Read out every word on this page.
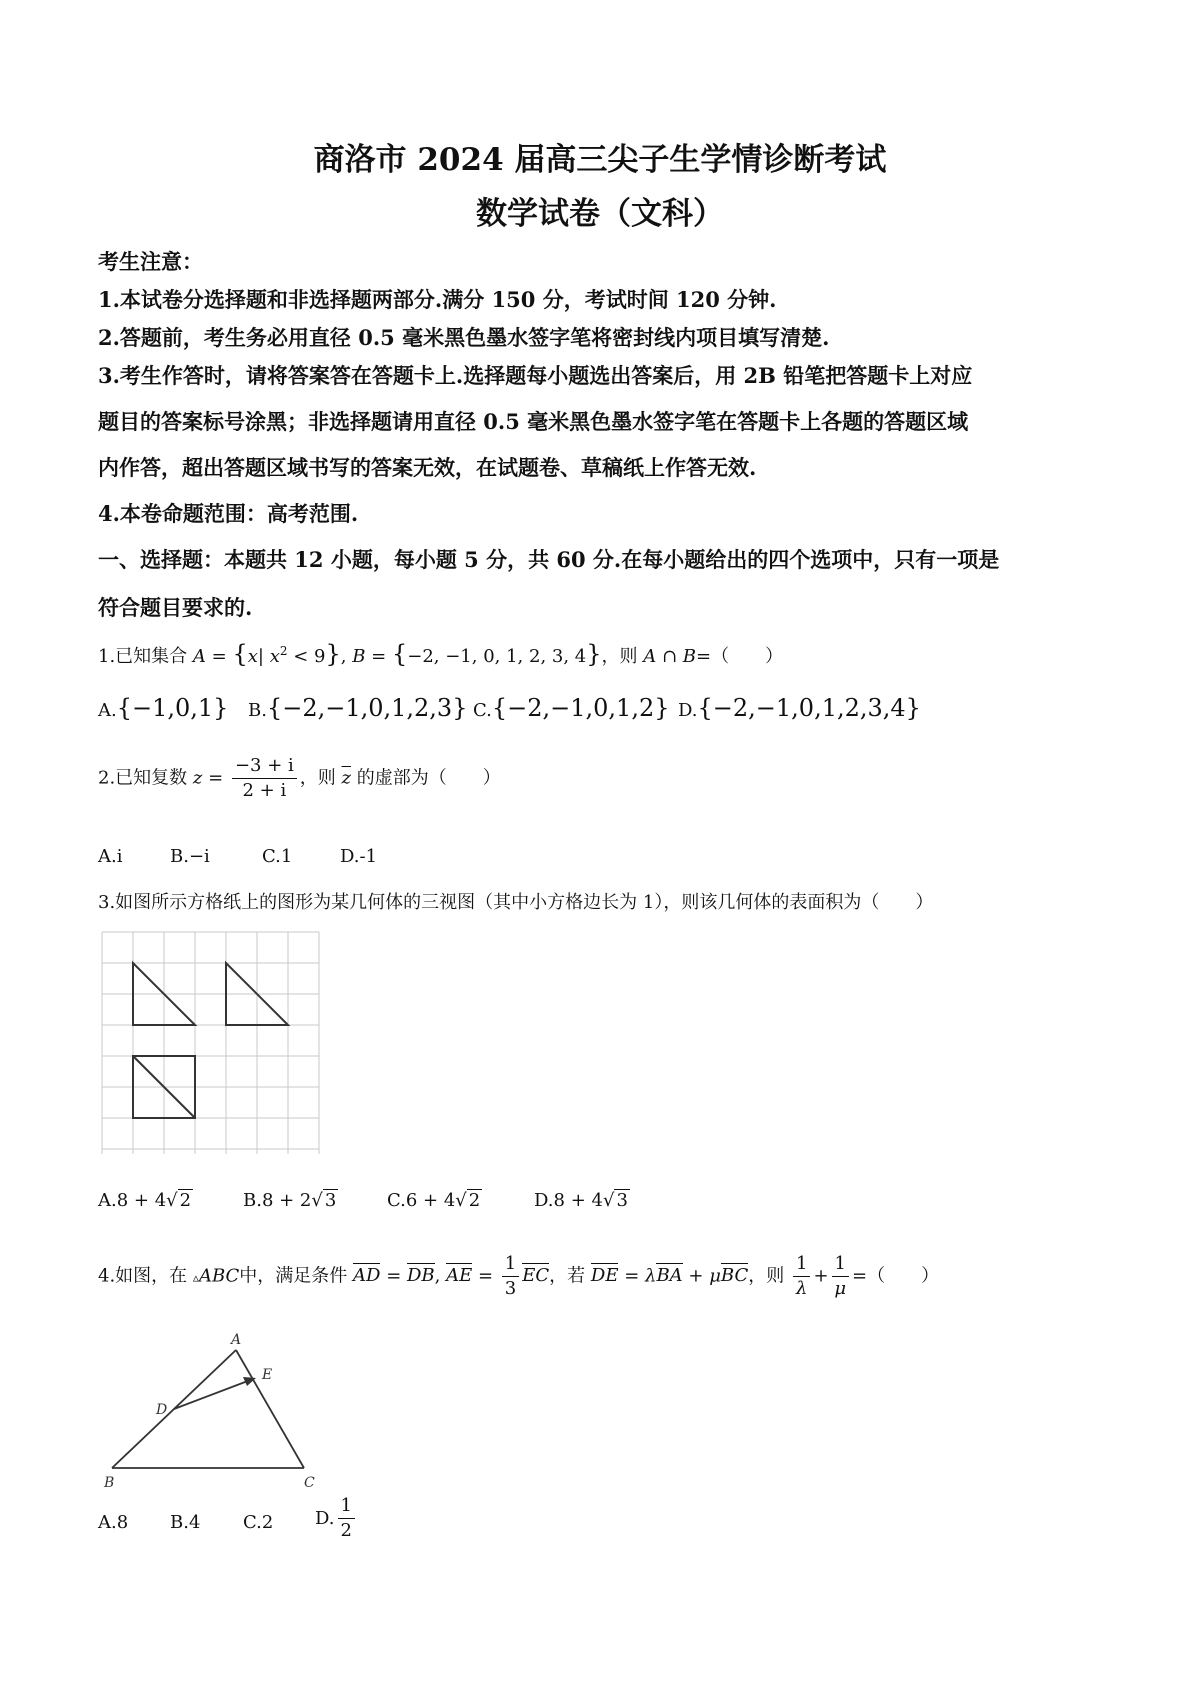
商洛市 2024 届高三尖子生学情诊断考试
数学试卷（文科）
考生注意：
1.本试卷分选择题和非选择题两部分.满分 150 分，考试时间 120 分钟.
2.答题前，考生务必用直径 0.5 毫米黑色墨水签字笔将密封线内项目填写清楚.
3.考生作答时，请将答案答在答题卡上.选择题每小题选出答案后，用 2B 铅笔把答题卡上对应
题目的答案标号涂黑；非选择题请用直径 0.5 毫米黑色墨水签字笔在答题卡上各题的答题区域
内作答，超出答题区域书写的答案无效，在试题卷、草稿纸上作答无效.
4.本卷命题范围：高考范围.
一、选择题：本题共 12 小题，每小题 5 分，共 60 分.在每小题给出的四个选项中，只有一项是
符合题目要求的.
1.已知集合 A = {x| $x^2 < 9$}, B = {−2, −1, 0, 1, 2, 3, 4}，则 A ∩ B=（　　）
A.{−1,0,1} B.{−2,−1,0,1,2,3} C.{−2,−1,0,1,2} D.{−2,−1,0,1,2,3,4}
2.已知复数 $z = \frac{-3 + i}{2 + i}$ ，则 $\overline{z}$ 的虚部为（　　）
A.i	B.−i	C.1	D.-1
3.如图所示方格纸上的图形为某几何体的三视图（其中小方格边长为 1），则该几何体的表面积为（　　）
A.8 + 4√ 2	B.8 + 2√ 3	C.6 + 4√ 2	D.8 + 4√ 3
4.如图，在 ▵ABC中，满足条件 AD = DB, AE = $\frac{1}{3}$ EC，若 DE = λBA + μBC，则 $\frac{1}{\lambda} + \frac{1}{\mu}$ =（　　）
A
B	C
D
E
A.8 B.4 C.2 D. $\frac{1}{2}$
